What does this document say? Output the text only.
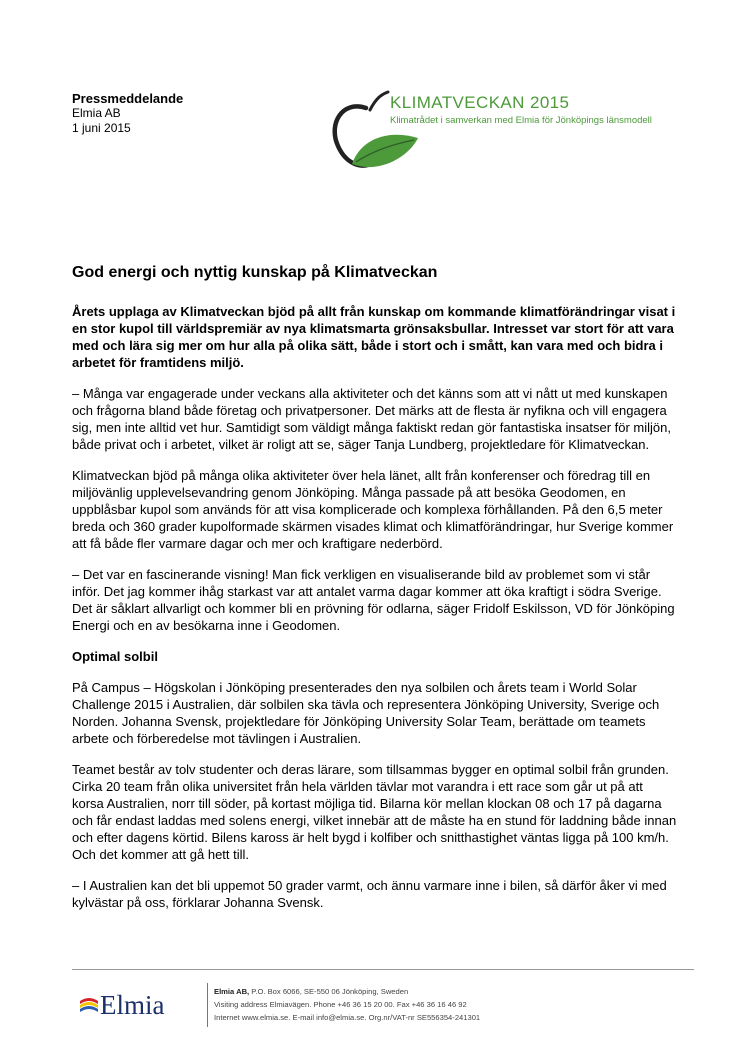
Pressmeddelande
Elmia AB
1 juni 2015
KLIMATVECKAN 2015
Klimatrådet i samverkan med Elmia för Jönköpings länsmodell
God energi och nyttig kunskap på Klimatveckan

Årets upplaga av Klimatveckan bjöd på allt från kunskap om kommande klimatförändringar visat i en stor kupol till världspremiär av nya klimatsmarta grönsaksbullar. Intresset var stort för att vara med och lära sig mer om hur alla på olika sätt, både i stort och i smått, kan vara med och bidra i arbetet för framtidens miljö.

– Många var engagerade under veckans alla aktiviteter och det känns som att vi nått ut med kunskapen och frågorna bland både företag och privatpersoner. Det märks att de flesta är nyfikna och vill engagera sig, men inte alltid vet hur. Samtidigt som väldigt många faktiskt redan gör fantastiska insatser för miljön, både privat och i arbetet, vilket är roligt att se, säger Tanja Lundberg, projektledare för Klimatveckan.

Klimatveckan bjöd på många olika aktiviteter över hela länet, allt från konferenser och föredrag till en miljövänlig upplevelsevandring genom Jönköping. Många passade på att besöka Geodomen, en uppblåsbar kupol som används för att visa komplicerade och komplexa förhållanden. På den 6,5 meter breda och 360 grader kupolformade skärmen visades klimat och klimatförändringar, hur Sverige kommer att få både fler varmare dagar och mer och kraftigare nederbörd.

– Det var en fascinerande visning! Man fick verkligen en visualiserande bild av problemet som vi står inför. Det jag kommer ihåg starkast var att antalet varma dagar kommer att öka kraftigt i södra Sverige. Det är såklart allvarligt och kommer bli en prövning för odlarna, säger Fridolf Eskilsson, VD för Jönköping Energi och en av besökarna inne i Geodomen.

Optimal solbil

På Campus – Högskolan i Jönköping presenterades den nya solbilen och årets team i World Solar Challenge 2015 i Australien, där solbilen ska tävla och representera Jönköping University, Sverige och Norden. Johanna Svensk, projektledare för Jönköping University Solar Team, berättade om teamets arbete och förberedelse mot tävlingen i Australien.

Teamet består av tolv studenter och deras lärare, som tillsammas bygger en optimal solbil från grunden. Cirka 20 team från olika universitet från hela världen tävlar mot varandra i ett race som går ut på att korsa Australien, norr till söder, på kortast möjliga tid. Bilarna kör mellan klockan 08 och 17 på dagarna och får endast laddas med solens energi, vilket innebär att de måste ha en stund för laddning både innan och efter dagens körtid. Bilens kaross är helt bygd i kolfiber och snitthastighet väntas ligga på 100 km/h. Och det kommer att gå hett till.

– I Australien kan det bli uppemot 50 grader varmt, och ännu varmare inne i bilen, så därför åker vi med kylvästar på oss, förklarar Johanna Svensk.

Elmia	Elmia AB, P.O. Box 6066, SE-550 06 Jönköping, Sweden
Visiting address Elmiavägen. Phone +46 36 15 20 00. Fax +46 36 16 46 92
Internet www.elmia.se. E-mail info@elmia.se. Org.nr/VAT-nr SE556354-241301
